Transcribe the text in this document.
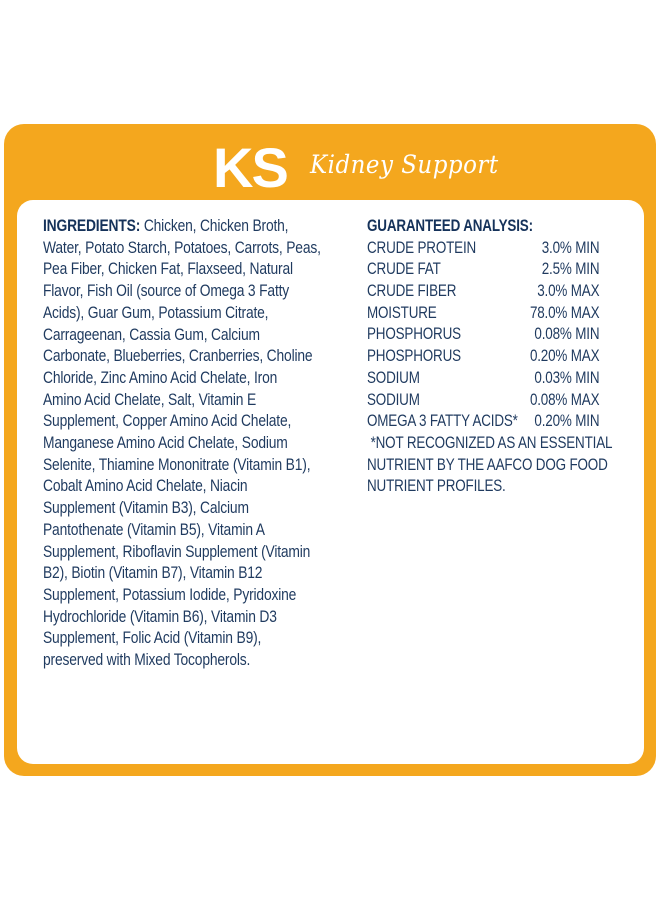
KS Kidney Support
INGREDIENTS: Chicken, Chicken Broth,
Water, Potato Starch, Potatoes, Carrots, Peas,
Pea Fiber, Chicken Fat, Flaxseed, Natural
Flavor, Fish Oil (source of Omega 3 Fatty
Acids), Guar Gum, Potassium Citrate,
Carrageenan, Cassia Gum, Calcium
Carbonate, Blueberries, Cranberries, Choline
Chloride, Zinc Amino Acid Chelate, Iron
Amino Acid Chelate, Salt, Vitamin E
Supplement, Copper Amino Acid Chelate,
Manganese Amino Acid Chelate, Sodium
Selenite, Thiamine Mononitrate (Vitamin B1),
Cobalt Amino Acid Chelate, Niacin
Supplement (Vitamin B3), Calcium
Pantothenate (Vitamin B5), Vitamin A
Supplement, Riboflavin Supplement (Vitamin
B2), Biotin (Vitamin B7), Vitamin B12
Supplement, Potassium Iodide, Pyridoxine
Hydrochloride (Vitamin B6), Vitamin D3
Supplement, Folic Acid (Vitamin B9),
preserved with Mixed Tocopherols.
GUARANTEED ANALYSIS:
CRUDE PROTEIN	3.0% MIN
CRUDE FAT	2.5% MIN
CRUDE FIBER	3.0% MAX
MOISTURE	78.0% MAX
PHOSPHORUS	0.08% MIN
PHOSPHORUS	0.20% MAX
SODIUM	0.03% MIN
SODIUM	0.08% MAX
OMEGA 3 FATTY ACIDS* 0.20% MIN
*NOT RECOGNIZED AS AN ESSENTIAL
NUTRIENT BY THE AAFCO DOG FOOD
NUTRIENT PROFILES.
